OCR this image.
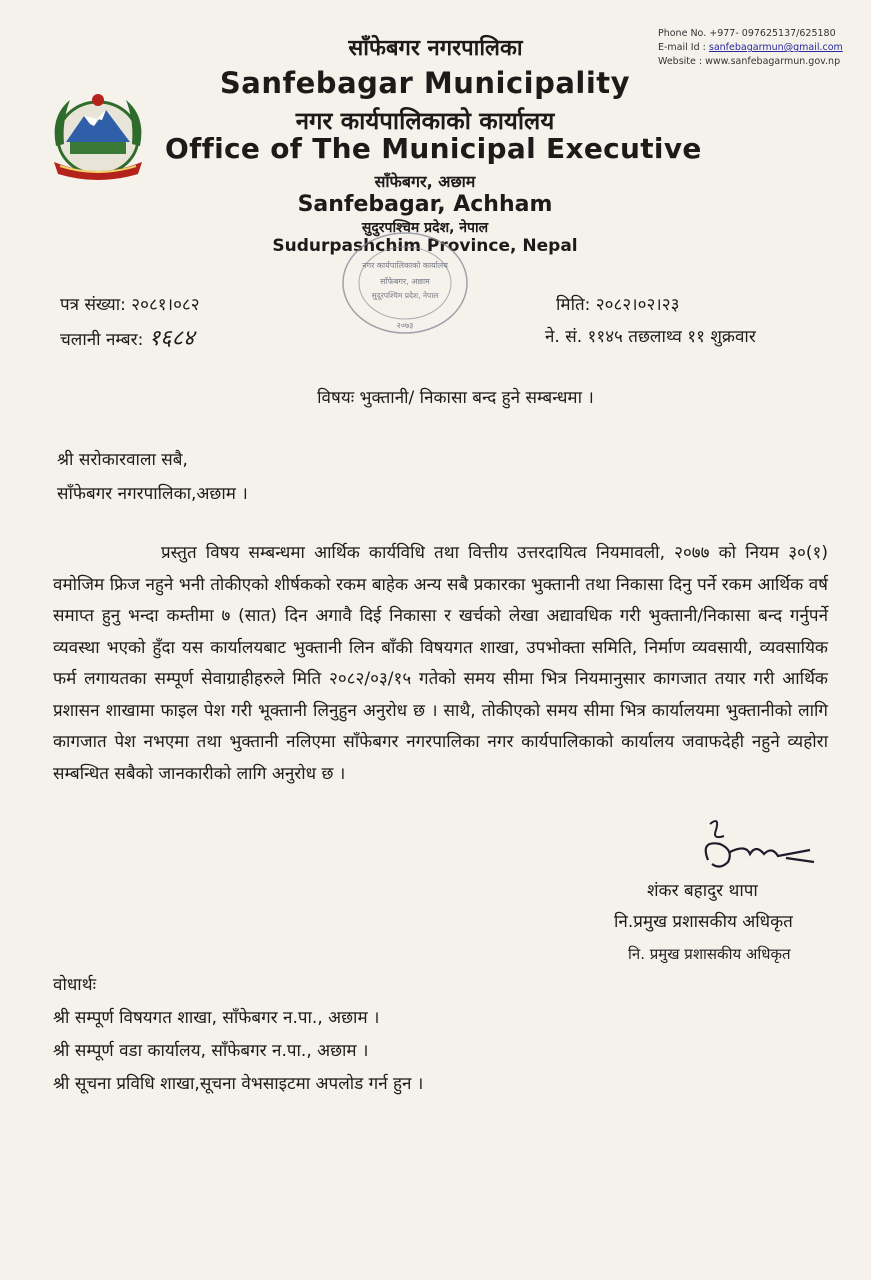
साँफेबगर नगरपालिका
Sanfebagar Municipality
नगर कार्यपालिकाको कार्यालय
Office of The Municipal Executive
साँफेबगर, अछाम
Sanfebagar, Achham
सुदुरपश्चिम प्रदेश, नेपाल
Sudurpashchim Province, Nepal
Phone No. +977- 097625137/625180
E-mail Id : sanfebagarmun@gmail.com
Website : www.sanfebagarmun.gov.np
नगर कार्यपालिकाको कार्यालय
साँफेबगर, अछाम
सुदूरपश्चिम प्रदेश, नेपाल
२०७३
पत्र संख्या: २०८१।०८२
चलानी नम्बर: १६८४
मिति: २०८२।०२।२३
ने. सं. ११४५ तछलाथ्व ११ शुक्रवार
विषयः भुक्तानी/ निकासा बन्द हुने सम्बन्धमा ।
श्री सरोकारवाला सबै,
साँफेबगर नगरपालिका,अछाम ।
प्रस्तुत विषय सम्बन्धमा आर्थिक कार्यविधि तथा वित्तीय उत्तरदायित्व नियमावली, २०७७ को नियम ३०(१) वमोजिम फ्रिज नहुने भनी तोकीएको शीर्षकको रकम बाहेक अन्य सबै प्रकारका भुक्तानी तथा निकासा दिनु पर्ने रकम आर्थिक वर्ष समाप्त हुनु भन्दा कम्तीमा ७ (सात) दिन अगावै दिई निकासा र खर्चको लेखा अद्यावधिक गरी भुक्तानी/निकासा बन्द गर्नुपर्ने व्यवस्था भएको हुँदा यस कार्यालयबाट भुक्तानी लिन बाँकी विषयगत शाखा, उपभोक्ता समिति, निर्माण व्यवसायी, व्यवसायिक फर्म लगायतका सम्पूर्ण सेवाग्राहीहरुले मिति २०८२/०३/१५ गतेको समय सीमा भित्र नियमानुसार कागजात तयार गरी आर्थिक प्रशासन शाखामा फाइल पेश गरी भूक्तानी लिनुहुन अनुरोध छ । साथै, तोकीएको समय सीमा भित्र कार्यालयमा भुक्तानीको लागि कागजात पेश नभएमा तथा भुक्तानी नलिएमा साँफेबगर नगरपालिका नगर कार्यपालिकाको कार्यालय जवाफदेही नहुने व्यहोरा सम्बन्धित सबैको जानकारीको लागि अनुरोध छ ।
शंकर बहादुर थापा
नि.प्रमुख प्रशासकीय अधिकृत
नि. प्रमुख प्रशासकीय अधिकृत
वोधार्थः
श्री सम्पूर्ण विषयगत शाखा, साँफेबगर न.पा., अछाम ।
श्री सम्पूर्ण वडा कार्यालय, साँफेबगर न.पा., अछाम ।
श्री सूचना प्रविधि शाखा,सूचना वेभसाइटमा अपलोड गर्न हुन ।
